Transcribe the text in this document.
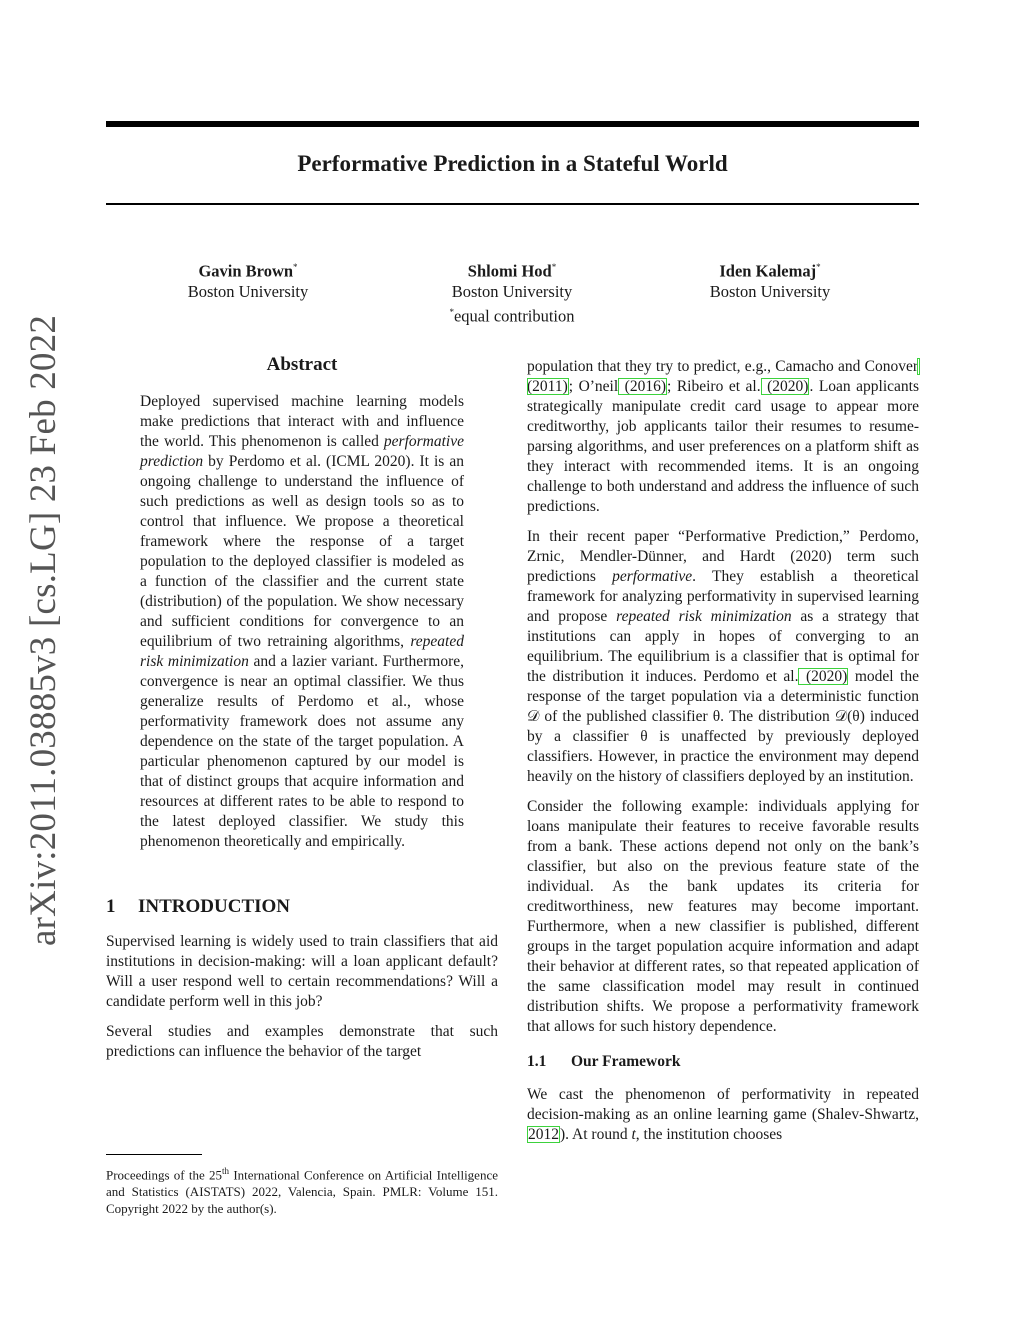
Performative Prediction in a Stateful World
Gavin Brown*
Boston University
Shlomi Hod*
Boston University
*equal contribution
Iden Kalemaj*
Boston University
arXiv:2011.03885v3 [cs.LG] 23 Feb 2022	Abstract
Deployed supervised machine learning models make predictions that interact with and influence the world. This phenomenon is called performative prediction by Perdomo et al. (ICML 2020). It is an ongoing challenge to understand the influence of such predictions as well as design tools so as to control that influence. We propose a theoretical framework where the response of a target population to the deployed classifier is modeled as a function of the classifier and the current state (distribution) of the population. We show necessary and sufficient conditions for convergence to an equilibrium of two retraining algorithms, repeated risk minimization and a lazier variant. Furthermore, convergence is near an optimal classifier. We thus generalize results of Perdomo et al., whose performativity framework does not assume any dependence on the state of the target population. A particular phenomenon captured by our model is that of distinct groups that acquire information and resources at different rates to be able to respond to the latest deployed classifier. We study this phenomenon theoretically and empirically.
1 INTRODUCTION

Supervised learning is widely used to train classifiers that aid institutions in decision-making: will a loan applicant default? Will a user respond well to certain recommendations? Will a candidate perform well in this job?

Several studies and examples demonstrate that such predictions can influence the behavior of the target

Proceedings of the 25th International Conference on Artificial Intelligence and Statistics (AISTATS) 2022, Valencia, Spain. PMLR: Volume 151. Copyright 2022 by the author(s).

population that they try to predict, e.g., Camacho and Conover (2011); O’neil (2016); Ribeiro et al. (2020). Loan applicants strategically manipulate credit card usage to appear more creditworthy, job applicants tailor their resumes to resume-parsing algorithms, and user preferences on a platform shift as they interact with recommended items. It is an ongoing challenge to both understand and address the influence of such predictions.

In their recent paper “Performative Prediction,” Perdomo, Zrnic, Mendler-Dünner, and Hardt (2020) term such predictions performative. They establish a theoretical framework for analyzing performativity in supervised learning and propose repeated risk minimization as a strategy that institutions can apply in hopes of converging to an equilibrium. The equilibrium is a classifier that is optimal for the distribution it induces. Perdomo et al. (2020) model the response of the target population via a deterministic function 𝒟 of the published classifier θ. The distribution 𝒟(θ) induced by a classifier θ is unaffected by previously deployed classifiers. However, in practice the environment may depend heavily on the history of classifiers deployed by an institution.

Consider the following example: individuals applying for loans manipulate their features to receive favorable results from a bank. These actions depend not only on the bank’s classifier, but also on the previous feature state of the individual. As the bank updates its criteria for creditworthiness, new features may become important. Furthermore, when a new classifier is published, different groups in the target population acquire information and adapt their behavior at different rates, so that repeated application of the same classification model may result in continued distribution shifts. We propose a performativity framework that allows for such history dependence.

1.1 Our Framework

We cast the phenomenon of performativity in repeated decision-making as an online learning game (Shalev-Shwartz, 2012). At round t, the institution chooses
